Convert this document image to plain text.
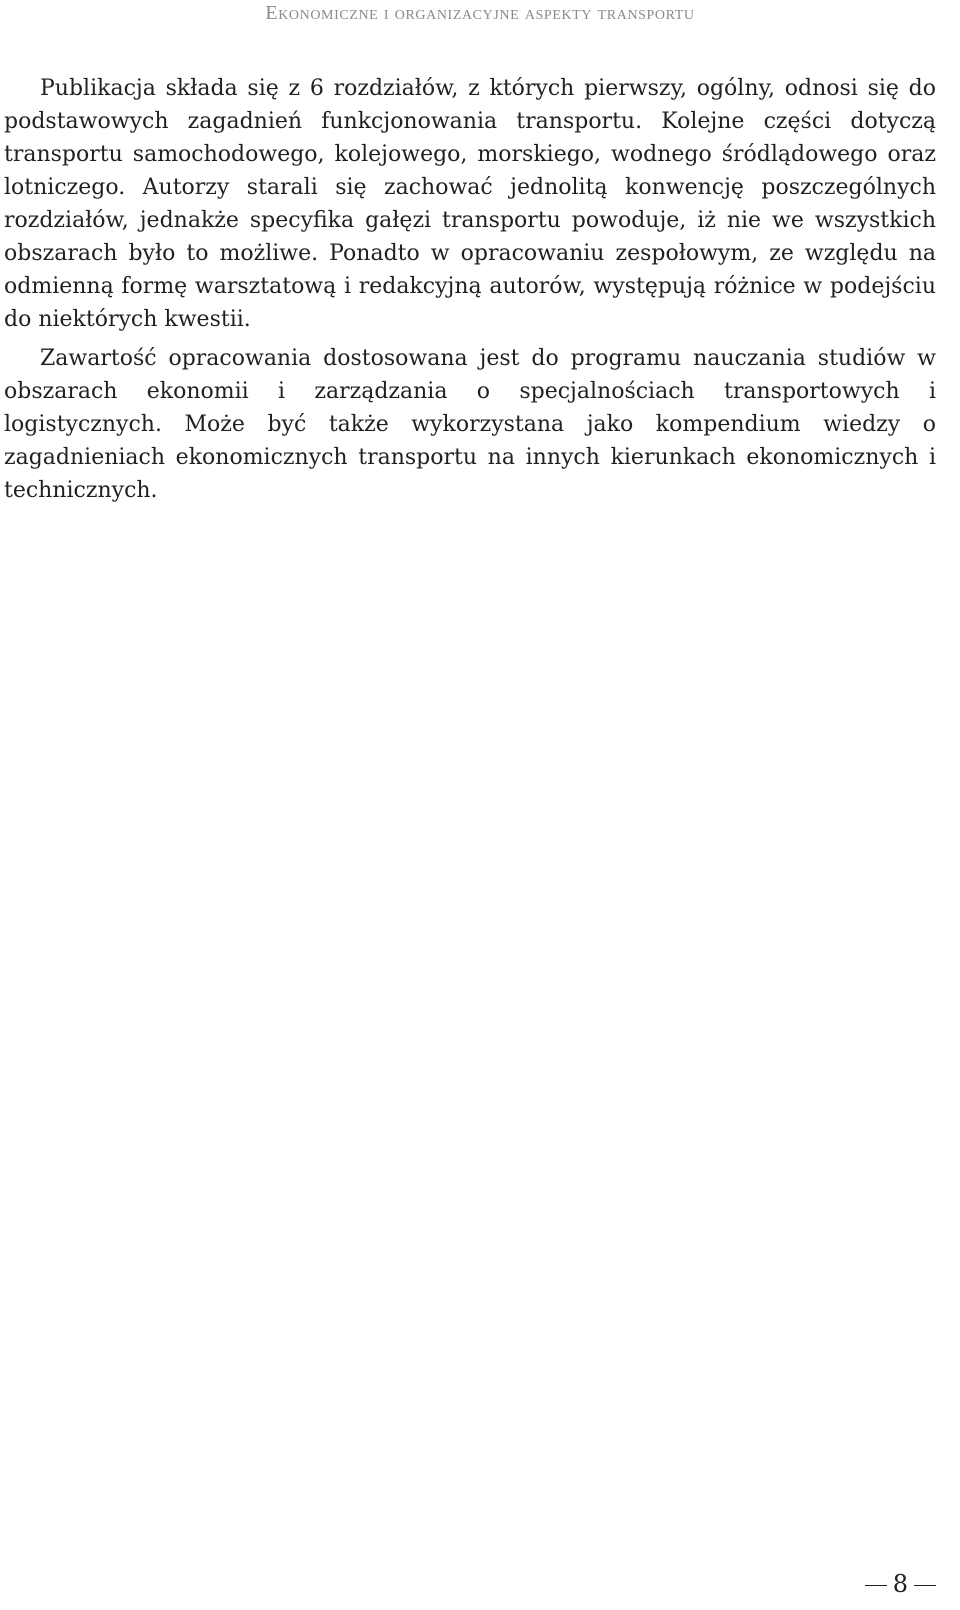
Ekonomiczne i organizacyjne aspekty transportu

Publikacja składa się z 6 rozdziałów, z których pierwszy, ogólny, odnosi się do podstawowych zagadnień funkcjonowania transportu. Kolejne części dotyczą transportu samochodowego, kolejowego, morskiego, wodnego śródlądowego oraz lotniczego. Autorzy starali się zachować jednolitą konwencję poszczególnych rozdziałów, jednakże specyfika gałęzi transportu powoduje, iż nie we wszystkich obszarach było to możliwe. Ponadto w opracowaniu zespołowym, ze względu na odmienną formę warsztatową i redakcyjną autorów, występują różnice w podejściu do niektórych kwestii.

Zawartość opracowania dostosowana jest do programu nauczania studiów w obszarach ekonomii i zarządzania o specjalnościach transportowych i logistycznych. Może być także wykorzystana jako kompendium wiedzy o zagadnieniach ekonomicznych transportu na innych kierunkach ekonomicznych i technicznych.

8
